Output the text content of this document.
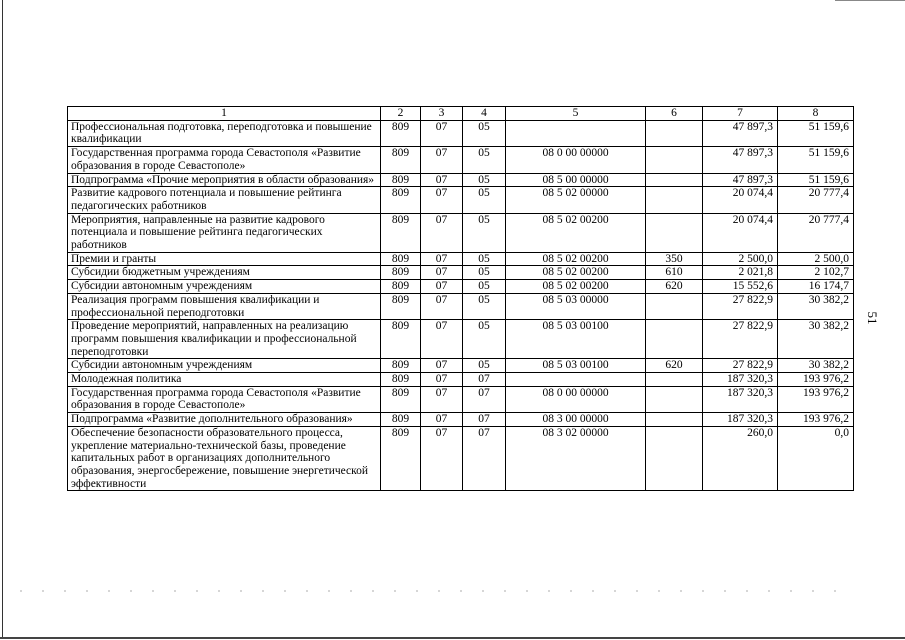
51
1	2	3	4	5	6	7	8
Профессиональная подготовка, переподготовка и повышение квалификации	809	07	05			47 897,3	51 159,6
Государственная программа города Севастополя «Развитие образования в городе Севастополе»	809	07	05	08 0 00 00000		47 897,3	51 159,6
Подпрограмма «Прочие мероприятия в области образования»	809	07	05	08 5 00 00000		47 897,3	51 159,6
Развитие кадрового потенциала и повышение рейтинга педагогических работников	809	07	05	08 5 02 00000		20 074,4	20 777,4
Мероприятия, направленные на развитие кадрового потенциала и повышение рейтинга педагогических работников	809	07	05	08 5 02 00200		20 074,4	20 777,4
Премии и гранты	809	07	05	08 5 02 00200	350	2 500,0	2 500,0
Субсидии бюджетным учреждениям	809	07	05	08 5 02 00200	610	2 021,8	2 102,7
Субсидии автономным учреждениям	809	07	05	08 5 02 00200	620	15 552,6	16 174,7
Реализация программ повышения квалификации и профессиональной переподготовки	809	07	05	08 5 03 00000		27 822,9	30 382,2
Проведение мероприятий, направленных на реализацию программ повышения квалификации и профессиональной переподготовки	809	07	05	08 5 03 00100		27 822,9	30 382,2
Субсидии автономным учреждениям	809	07	05	08 5 03 00100	620	27 822,9	30 382,2
Молодежная политика	809	07	07			187 320,3	193 976,2
Государственная программа города Севастополя «Развитие образования в городе Севастополе»	809	07	07	08 0 00 00000		187 320,3	193 976,2
Подпрограмма «Развитие дополнительного образования»	809	07	07	08 3 00 00000		187 320,3	193 976,2
Обеспечение безопасности образовательного процесса, укрепление материально-технической базы, проведение капитальных работ в организациях дополнительного образования, энергосбережение, повышение энергетической эффективности	809	07	07	08 3 02 00000		260,0	0,0
